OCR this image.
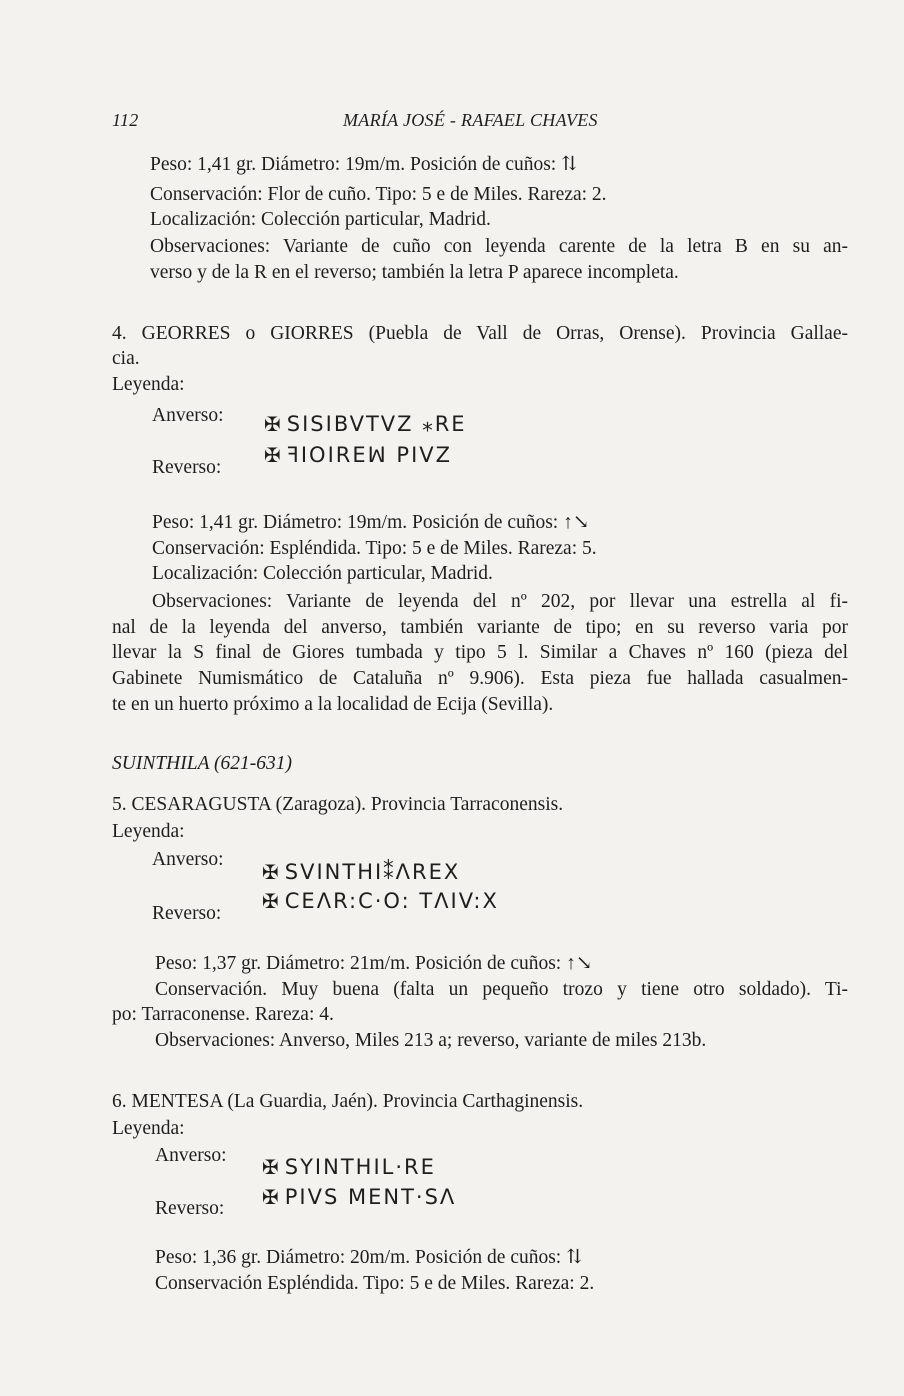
112	MARÍA JOSÉ - RAFAEL CHAVES
Peso: 1,41 gr. Diámetro: 19m/m. Posición de cuños: ⇅
Conservación: Flor de cuño. Tipo: 5 e de Miles. Rareza: 2.
Localización: Colección particular, Madrid.
Observaciones: Variante de cuño con leyenda carente de la letra B en su an-
verso y de la R en el reverso; también la letra P aparece incompleta.
4. GEORRES o GIORRES (Puebla de Vall de Orras, Orense). Provincia Gallae-
cia.
Leyenda:
Anverso:
Reverso:
✠ SISIBVTVZ ⁎RE
✠ ꟻIOIREꟽ PIVZ
Peso: 1,41 gr. Diámetro: 19m/m. Posición de cuños: ↑↘
Conservación: Espléndida. Tipo: 5 e de Miles. Rareza: 5.
Localización: Colección particular, Madrid.
Observaciones: Variante de leyenda del nº 202, por llevar una estrella al fi-
nal de la leyenda del anverso, también variante de tipo; en su reverso varia por
llevar la S final de Giores tumbada y tipo 5 l. Similar a Chaves nº 160 (pieza del
Gabinete Numismático de Cataluña nº 9.906). Esta pieza fue hallada casualmen-
te en un huerto próximo a la localidad de Ecija (Sevilla).
SUINTHILA (621-631)
5. CESARAGUSTA (Zaragoza). Provincia Tarraconensis.
Leyenda:
Anverso:
Reverso:
✠ SVINTHI⁑ΛREX
✠ CEΛR:C·O: TΛIV:X
Peso: 1,37 gr. Diámetro: 21m/m. Posición de cuños: ↑↘
Conservación. Muy buena (falta un pequeño trozo y tiene otro soldado). Ti-
po: Tarraconense. Rareza: 4.
Observaciones: Anverso, Miles 213 a; reverso, variante de miles 213b.
6. MENTESA (La Guardia, Jaén). Provincia Carthaginensis.
Leyenda:
Anverso:
Reverso:
✠ SYINTHIL·RE
✠ PIVS MENT·SΛ
Peso: 1,36 gr. Diámetro: 20m/m. Posición de cuños: ⇅
Conservación Espléndida. Tipo: 5 e de Miles. Rareza: 2.
